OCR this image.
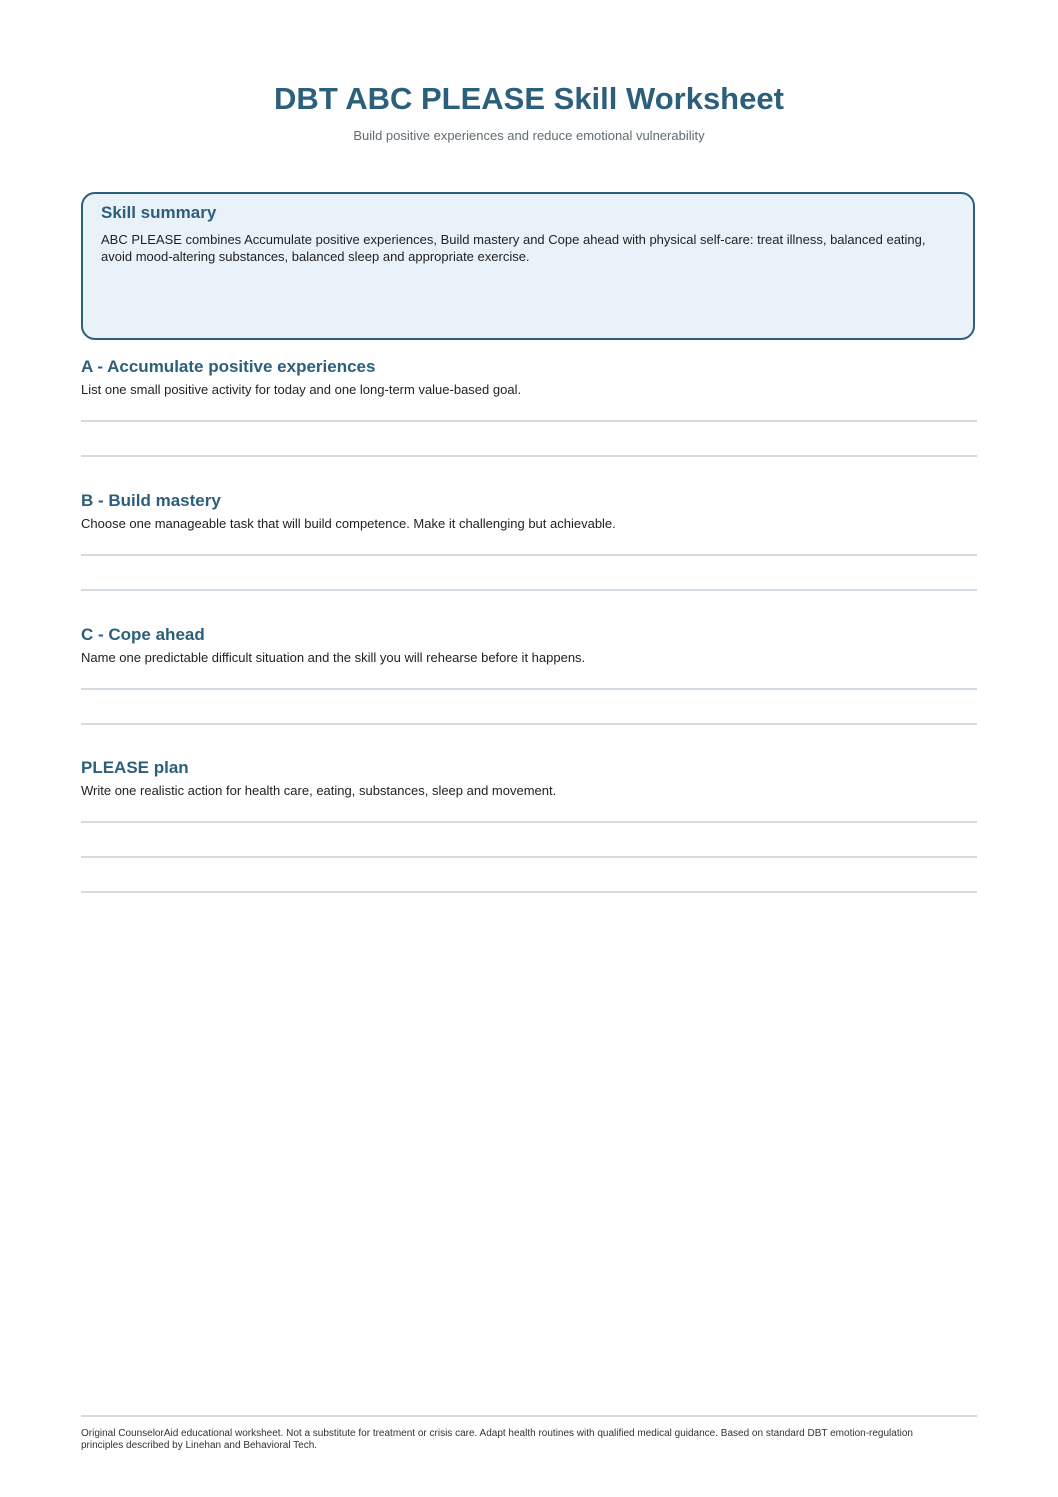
DBT ABC PLEASE Skill Worksheet
Build positive experiences and reduce emotional vulnerability
Skill summary
ABC PLEASE combines Accumulate positive experiences, Build mastery and Cope ahead with physical self-care: treat illness, balanced eating, avoid mood-altering substances, balanced sleep and appropriate exercise.
A - Accumulate positive experiences
List one small positive activity for today and one long-term value-based goal.
B - Build mastery
Choose one manageable task that will build competence. Make it challenging but achievable.
C - Cope ahead
Name one predictable difficult situation and the skill you will rehearse before it happens.
PLEASE plan
Write one realistic action for health care, eating, substances, sleep and movement.
Original CounselorAid educational worksheet. Not a substitute for treatment or crisis care. Adapt health routines with qualified medical guidance. Based on standard DBT emotion-regulation principles described by Linehan and Behavioral Tech.
